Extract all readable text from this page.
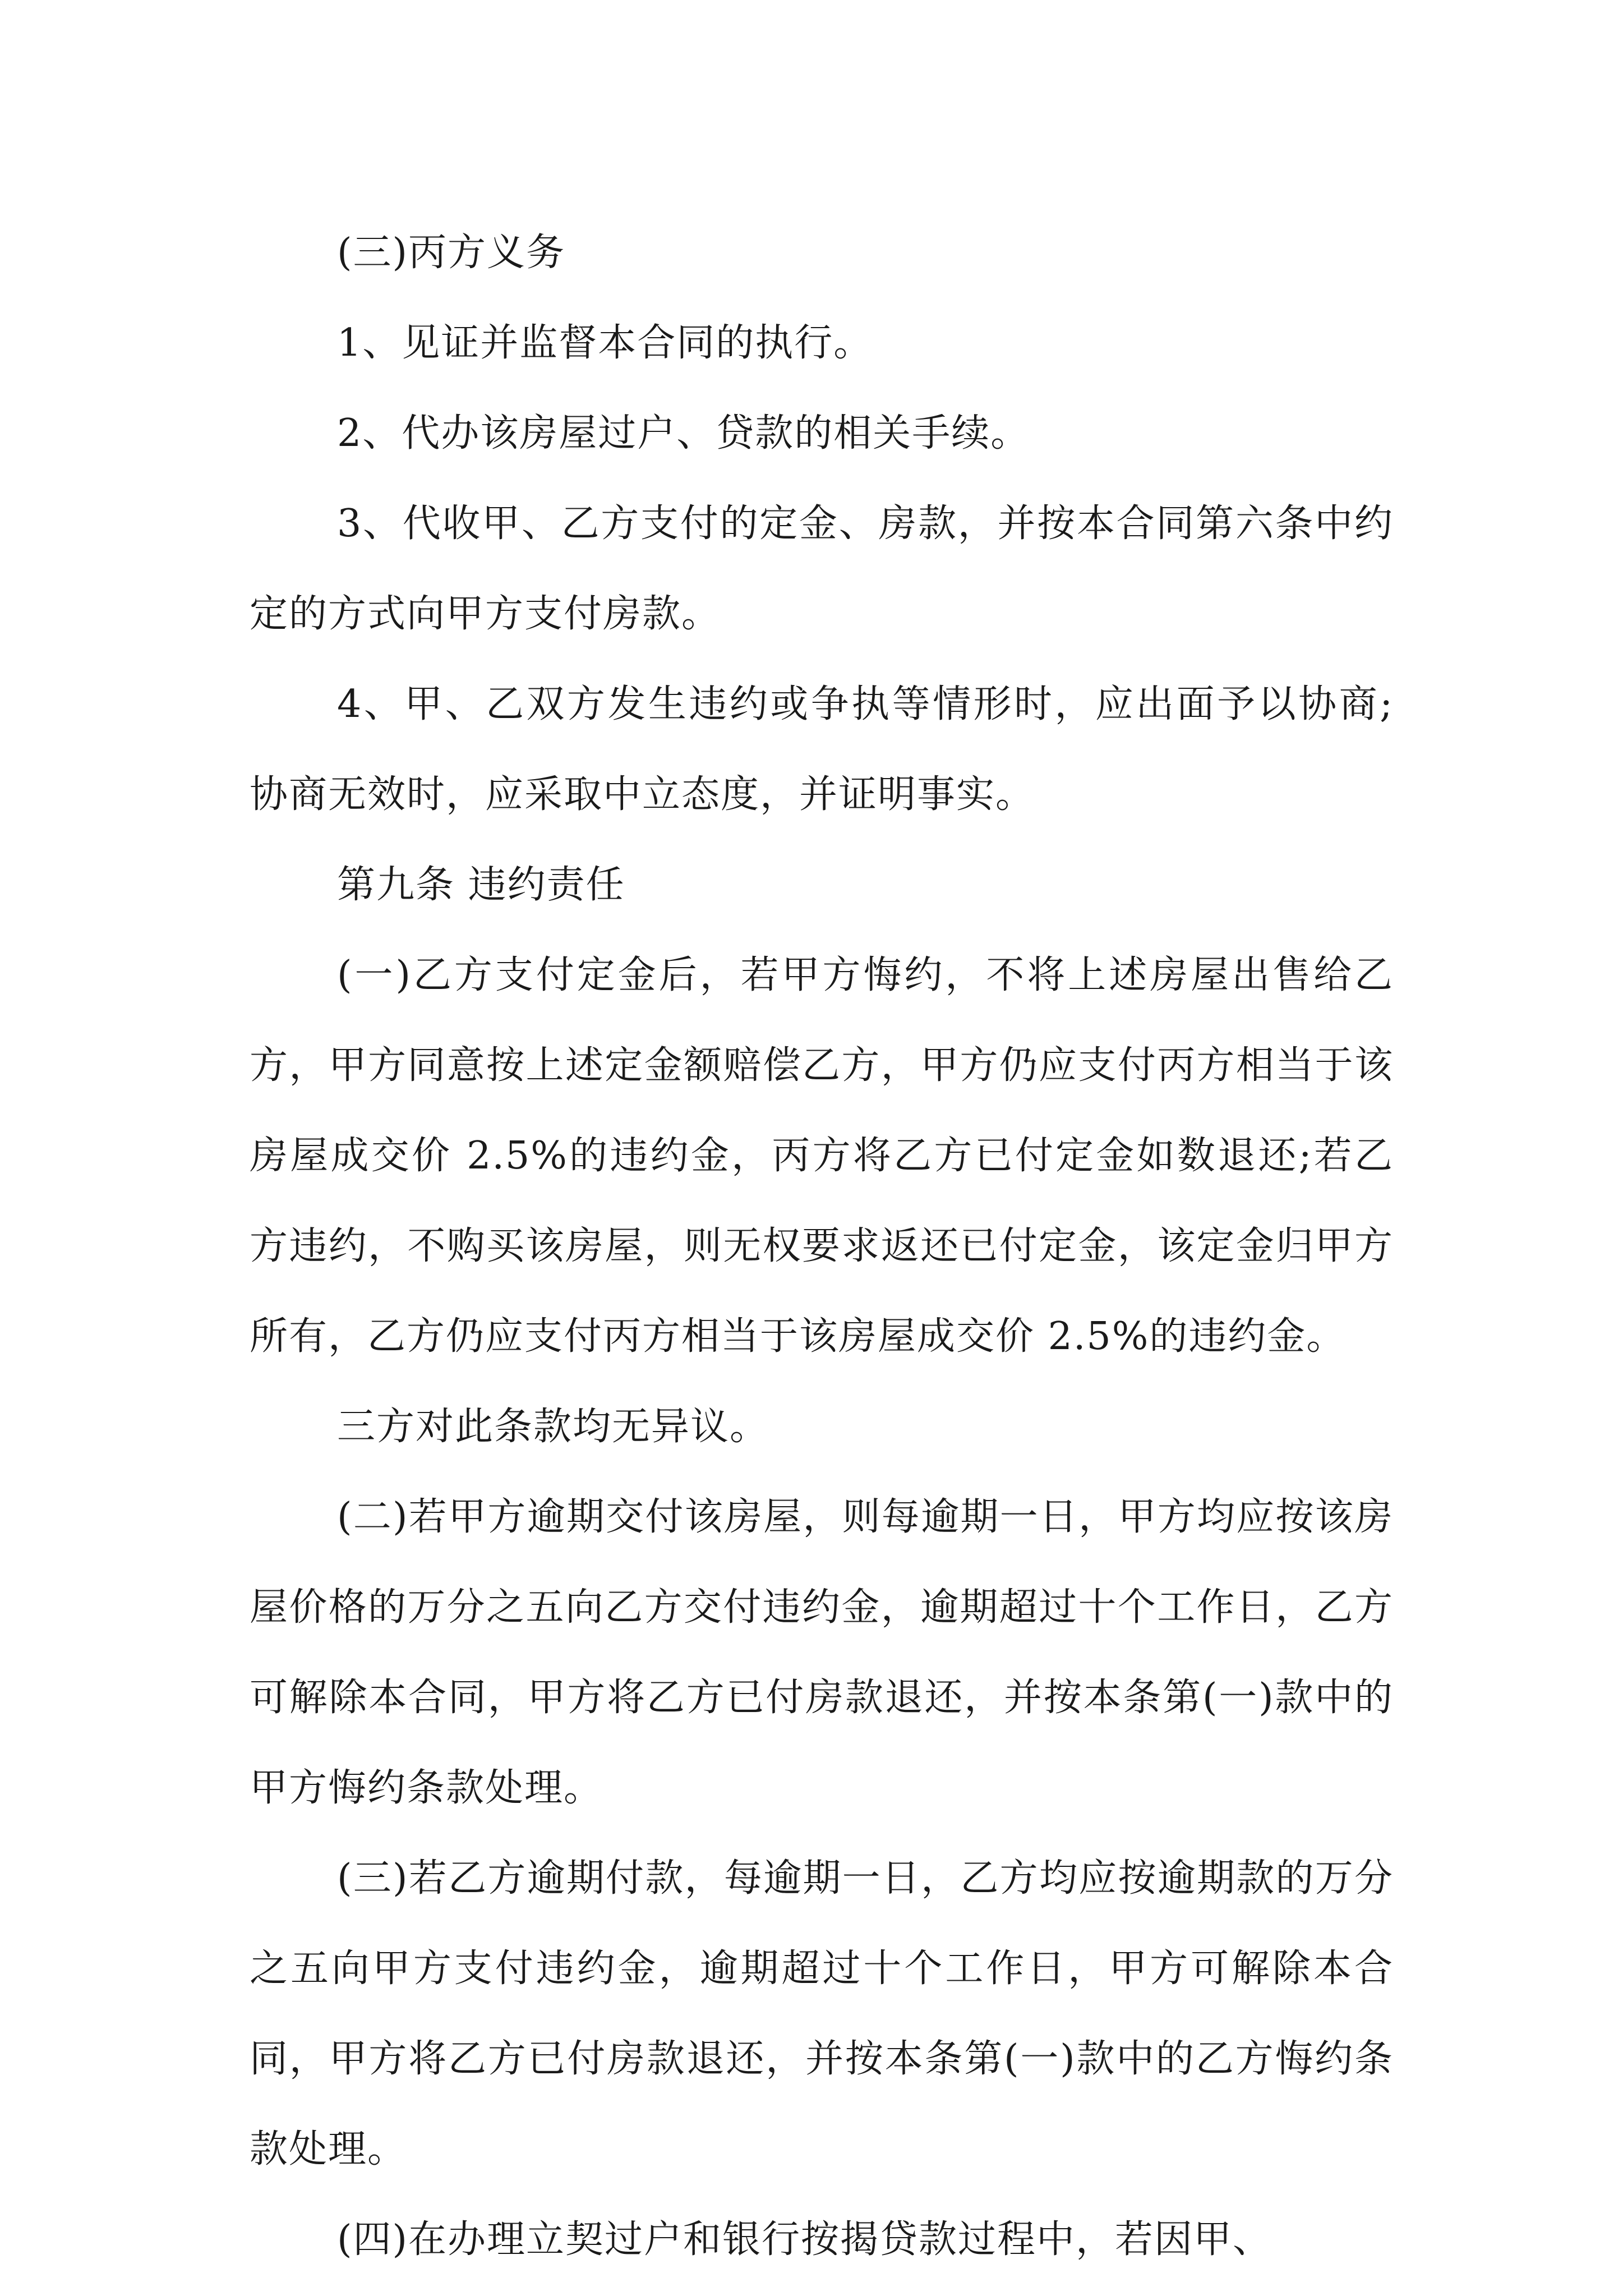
(三)丙方义务

1、见证并监督本合同的执行。

2、代办该房屋过户、贷款的相关手续。

3、代收甲、乙方支付的定金、房款，并按本合同第六条中约定的方式向甲方支付房款。

4、甲、乙双方发生违约或争执等情形时，应出面予以协商;协商无效时，应采取中立态度，并证明事实。

第九条 违约责任

(一)乙方支付定金后，若甲方悔约，不将上述房屋出售给乙方，甲方同意按上述定金额赔偿乙方，甲方仍应支付丙方相当于该房屋成交价 2.5%的违约金，丙方将乙方已付定金如数退还;若乙方违约，不购买该房屋，则无权要求返还已付定金，该定金归甲方所有，乙方仍应支付丙方相当于该房屋成交价 2.5%的违约金。

三方对此条款均无异议。

(二)若甲方逾期交付该房屋，则每逾期一日，甲方均应按该房屋价格的万分之五向乙方交付违约金，逾期超过十个工作日，乙方可解除本合同，甲方将乙方已付房款退还，并按本条第(一)款中的甲方悔约条款处理。

(三)若乙方逾期付款，每逾期一日，乙方均应按逾期款的万分之五向甲方支付违约金，逾期超过十个工作日，甲方可解除本合同，甲方将乙方已付房款退还，并按本条第(一)款中的乙方悔约条款处理。

(四)在办理立契过户和银行按揭贷款过程中，若因甲、
